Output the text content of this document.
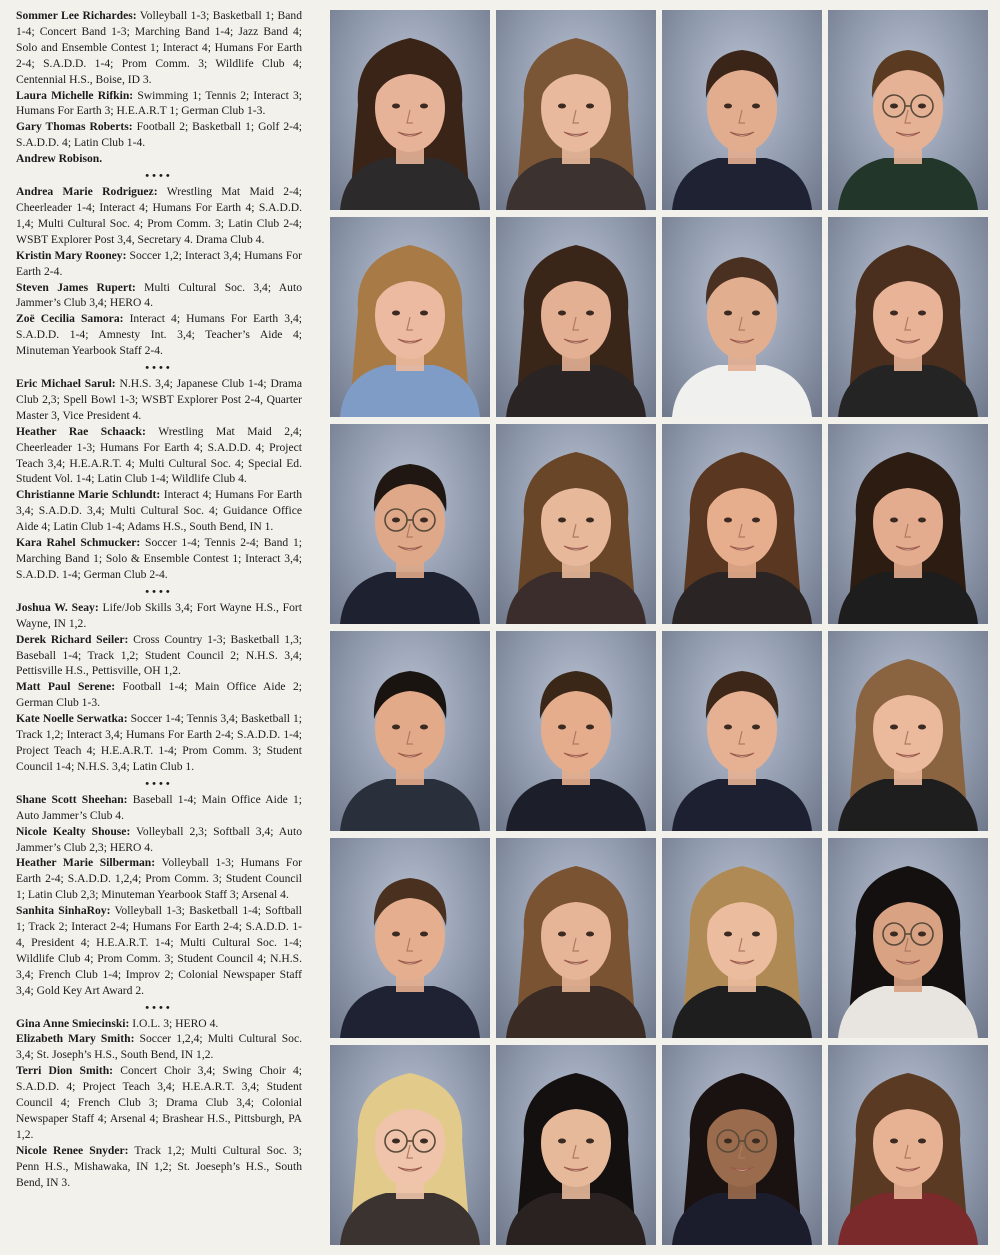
Sommer Lee Richardes: Volleyball 1-3; Basketball 1; Band 1-4; Concert Band 1-3; Marching Band 1-4; Jazz Band 4; Solo and Ensemble Contest 1; Interact 4; Humans For Earth 2-4; S.A.D.D. 1-4; Prom Comm. 3; Wildlife Club 4; Centennial H.S., Boise, ID 3.

Laura Michelle Rifkin: Swimming 1; Tennis 2; Interact 3; Humans For Earth 3; H.E.A.R.T 1; German Club 1-3.

Gary Thomas Roberts: Football 2; Basketball 1; Golf 2-4; S.A.D.D. 4; Latin Club 1-4.

Andrew Robison.

••••

Andrea Marie Rodriguez: Wrestling Mat Maid 2-4; Cheerleader 1-4; Interact 4; Humans For Earth 4; S.A.D.D. 1,4; Multi Cultural Soc. 4; Prom Comm. 3; Latin Club 2-4; WSBT Explorer Post 3,4, Secretary 4. Drama Club 4.

Kristin Mary Rooney: Soccer 1,2; Interact 3,4; Humans For Earth 2-4.

Steven James Rupert: Multi Cultural Soc. 3,4; Auto Jammer’s Club 3,4; HERO 4.

Zoë Cecilia Samora: Interact 4; Humans For Earth 3,4; S.A.D.D. 1-4; Amnesty Int. 3,4; Teacher’s Aide 4; Minuteman Yearbook Staff 2-4.

••••

Eric Michael Sarul: N.H.S. 3,4; Japanese Club 1-4; Drama Club 2,3; Spell Bowl 1-3; WSBT Explorer Post 2-4, Quarter Master 3, Vice President 4.

Heather Rae Schaack: Wrestling Mat Maid 2,4; Cheerleader 1-3; Humans For Earth 4; S.A.D.D. 4; Project Teach 3,4; H.E.A.R.T. 4; Multi Cultural Soc. 4; Special Ed. Student Vol. 1-4; Latin Club 1-4; Wildlife Club 4.

Christianne Marie Schlundt: Interact 4; Humans For Earth 3,4; S.A.D.D. 3,4; Multi Cultural Soc. 4; Guidance Office Aide 4; Latin Club 1-4; Adams H.S., South Bend, IN 1.

Kara Rahel Schmucker: Soccer 1-4; Tennis 2-4; Band 1; Marching Band 1; Solo & Ensemble Contest 1; Interact 3,4; S.A.D.D. 1-4; German Club 2-4.

••••

Joshua W. Seay: Life/Job Skills 3,4; Fort Wayne H.S., Fort Wayne, IN 1,2.

Derek Richard Seiler: Cross Country 1-3; Basketball 1,3; Baseball 1-4; Track 1,2; Student Council 2; N.H.S. 3,4; Pettisville H.S., Pettisville, OH 1,2.

Matt Paul Serene: Football 1-4; Main Office Aide 2; German Club 1-3.

Kate Noelle Serwatka: Soccer 1-4; Tennis 3,4; Basketball 1; Track 1,2; Interact 3,4; Humans For Earth 2-4; S.A.D.D. 1-4; Project Teach 4; H.E.A.R.T. 1-4; Prom Comm. 3; Student Council 1-4; N.H.S. 3,4; Latin Club 1.

••••

Shane Scott Sheehan: Baseball 1-4; Main Office Aide 1; Auto Jammer’s Club 4.

Nicole Kealty Shouse: Volleyball 2,3; Softball 3,4; Auto Jammer’s Club 2,3; HERO 4.

Heather Marie Silberman: Volleyball 1-3; Humans For Earth 2-4; S.A.D.D. 1,2,4; Prom Comm. 3; Student Council 1; Latin Club 2,3; Minuteman Yearbook Staff 3; Arsenal 4.

Sanhita SinhaRoy: Volleyball 1-3; Basketball 1-4; Softball 1; Track 2; Interact 2-4; Humans For Earth 2-4; S.A.D.D. 1-4, President 4; H.E.A.R.T. 1-4; Multi Cultural Soc. 1-4; Wildlife Club 4; Prom Comm. 3; Student Council 4; N.H.S. 3,4; French Club 1-4; Improv 2; Colonial Newspaper Staff 3,4; Gold Key Art Award 2.

••••

Gina Anne Smiecinski: I.O.L. 3; HERO 4.

Elizabeth Mary Smith: Soccer 1,2,4; Multi Cultural Soc. 3,4; St. Joseph’s H.S., South Bend, IN 1,2.

Terri Dion Smith: Concert Choir 3,4; Swing Choir 4; S.A.D.D. 4; Project Teach 3,4; H.E.A.R.T. 3,4; Student Council 4; French Club 3; Drama Club 3,4; Colonial Newspaper Staff 4; Arsenal 4; Brashear H.S., Pittsburgh, PA 1,2.

Nicole Renee Snyder: Track 1,2; Multi Cultural Soc. 3; Penn H.S., Mishawaka, IN 1,2; St. Joeseph’s H.S., South Bend, IN 3.
